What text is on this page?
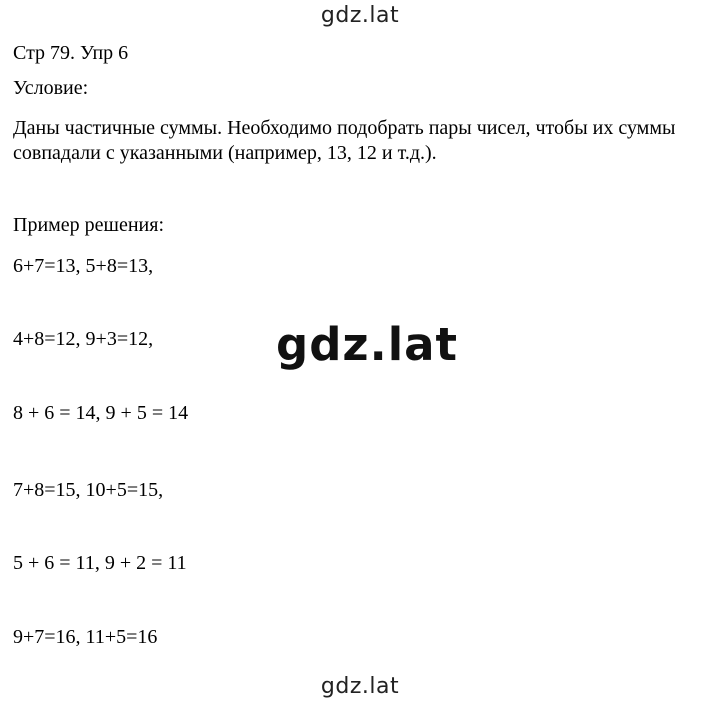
gdz.lat
Стр 79. Упр 6
Условие:
Даны частичные суммы. Необходимо подобрать пары чисел, чтобы их суммы
совпадали с указанными (например, 13, 12 и т.д.).
Пример решения:
6+7=13, 5+8=13,
4+8=12, 9+3=12,
8 + 6 = 14, 9 + 5 = 14
7+8=15, 10+5=15,
5 + 6 = 11, 9 + 2 = 11
9+7=16, 11+5=16
gdz.lat
gdz.lat
